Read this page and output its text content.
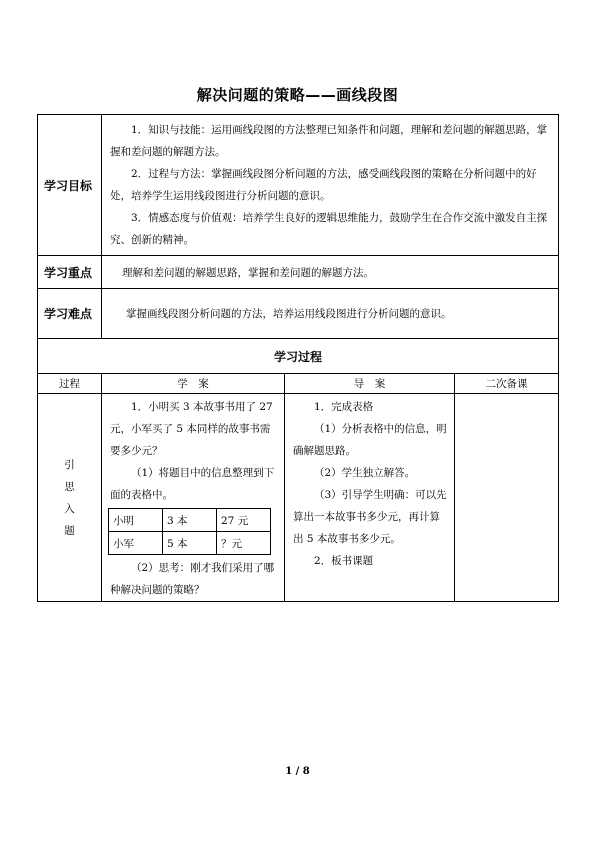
解决问题的策略——画线段图
学习目标	

1．知识与技能：运用画线段图的方法整理已知条件和问题，理解和差问题的解题思路，掌握和差问题的解题方法。

2．过程与方法：掌握画线段图分析问题的方法，感受画线段图的策略在分析问题中的好处，培养学生运用线段图进行分析问题的意识。

3．情感态度与价值观：培养学生良好的逻辑思维能力，鼓励学生在合作交流中激发自主探究、创新的精神。

学习重点	理解和差问题的解题思路，掌握和差问题的解题方法。
学习难点	掌握画线段图分析问题的方法，培养运用线段图进行分析问题的意识。
学习过程
过程	学　案	导　案	二次备课

引
思
入
题

1．小明买 3 本故事书用了 27 元，小军买了 5 本同样的故事书需要多少元？

（1）将题目中的信息整理到下面的表格中。

小明	3 本	27 元
小军	5 本	？元

（2）思考：刚才我们采用了哪种解决问题的策略？

1．完成表格

（1）分析表格中的信息，明确解题思路。

（2）学生独立解答。

（3）引导学生明确：可以先算出一本故事书多少元，再计算出 5 本故事书多少元。

2．板书课题

1 / 8
